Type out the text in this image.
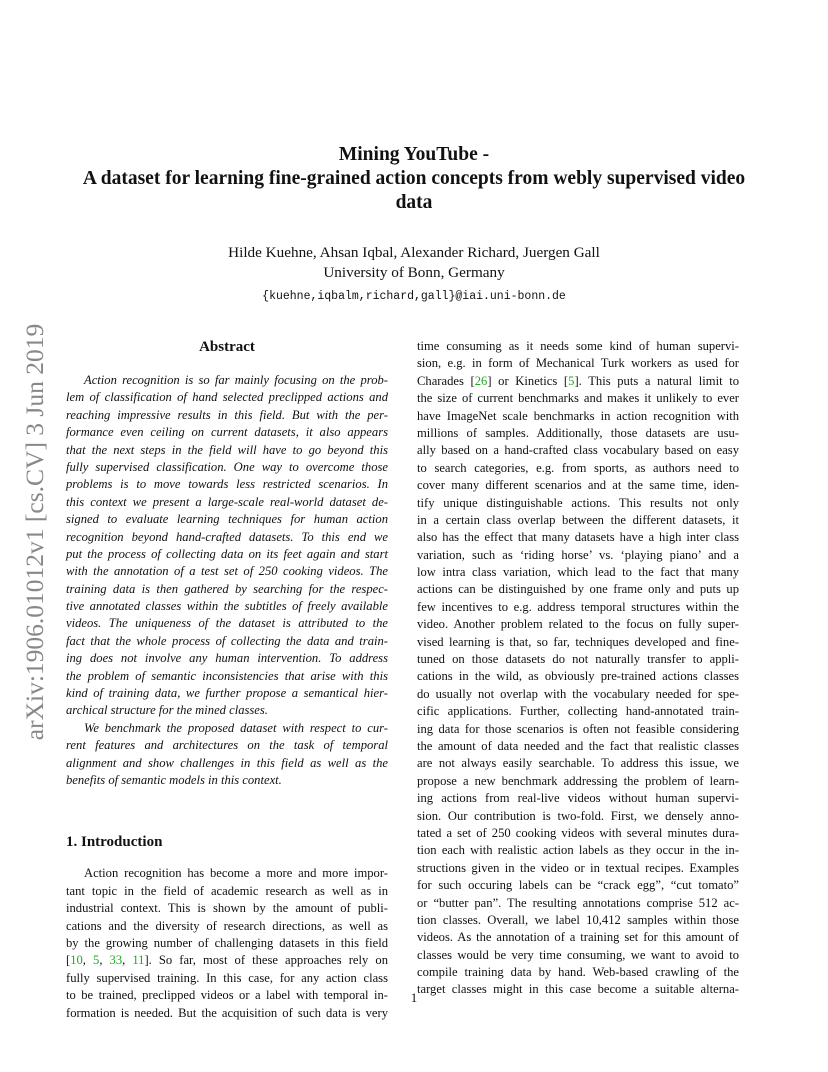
arXiv:1906.01012v1 [cs.CV] 3 Jun 2019
Mining YouTube -
A dataset for learning fine-grained action concepts from webly supervised video
data
Hilde Kuehne, Ahsan Iqbal, Alexander Richard, Juergen Gall
University of Bonn, Germany
{kuehne,iqbalm,richard,gall}@iai.uni-bonn.de
Abstract
Action recognition is so far mainly focusing on the prob-
lem of classification of hand selected preclipped actions and
reaching impressive results in this field. But with the per-
formance even ceiling on current datasets, it also appears
that the next steps in the field will have to go beyond this
fully supervised classification. One way to overcome those
problems is to move towards less restricted scenarios. In
this context we present a large-scale real-world dataset de-
signed to evaluate learning techniques for human action
recognition beyond hand-crafted datasets. To this end we
put the process of collecting data on its feet again and start
with the annotation of a test set of 250 cooking videos. The
training data is then gathered by searching for the respec-
tive annotated classes within the subtitles of freely available
videos. The uniqueness of the dataset is attributed to the
fact that the whole process of collecting the data and train-
ing does not involve any human intervention. To address
the problem of semantic inconsistencies that arise with this
kind of training data, we further propose a semantical hier-
archical structure for the mined classes.
We benchmark the proposed dataset with respect to cur-
rent features and architectures on the task of temporal
alignment and show challenges in this field as well as the
benefits of semantic models in this context.
1. Introduction
Action recognition has become a more and more impor-
tant topic in the field of academic research as well as in
industrial context. This is shown by the amount of publi-
cations and the diversity of research directions, as well as
by the growing number of challenging datasets in this field
[10, 5, 33, 11]. So far, most of these approaches rely on
fully supervised training. In this case, for any action class
to be trained, preclipped videos or a label with temporal in-
formation is needed. But the acquisition of such data is very
time consuming as it needs some kind of human supervi-
sion, e.g. in form of Mechanical Turk workers as used for
Charades [26] or Kinetics [5]. This puts a natural limit to
the size of current benchmarks and makes it unlikely to ever
have ImageNet scale benchmarks in action recognition with
millions of samples. Additionally, those datasets are usu-
ally based on a hand-crafted class vocabulary based on easy
to search categories, e.g. from sports, as authors need to
cover many different scenarios and at the same time, iden-
tify unique distinguishable actions. This results not only
in a certain class overlap between the different datasets, it
also has the effect that many datasets have a high inter class
variation, such as ‘riding horse’ vs. ‘playing piano’ and a
low intra class variation, which lead to the fact that many
actions can be distinguished by one frame only and puts up
few incentives to e.g. address temporal structures within the
video. Another problem related to the focus on fully super-
vised learning is that, so far, techniques developed and fine-
tuned on those datasets do not naturally transfer to appli-
cations in the wild, as obviously pre-trained actions classes
do usually not overlap with the vocabulary needed for spe-
cific applications. Further, collecting hand-annotated train-
ing data for those scenarios is often not feasible considering
the amount of data needed and the fact that realistic classes
are not always easily searchable. To address this issue, we
propose a new benchmark addressing the problem of learn-
ing actions from real-live videos without human supervi-
sion. Our contribution is two-fold. First, we densely anno-
tated a set of 250 cooking videos with several minutes dura-
tion each with realistic action labels as they occur in the in-
structions given in the video or in textual recipes. Examples
for such occuring labels can be “crack egg”, “cut tomato”
or “butter pan”. The resulting annotations comprise 512 ac-
tion classes. Overall, we label 10,412 samples within those
videos. As the annotation of a training set for this amount of
classes would be very time consuming, we want to avoid to
compile training data by hand. Web-based crawling of the
target classes might in this case become a suitable alterna-
1
